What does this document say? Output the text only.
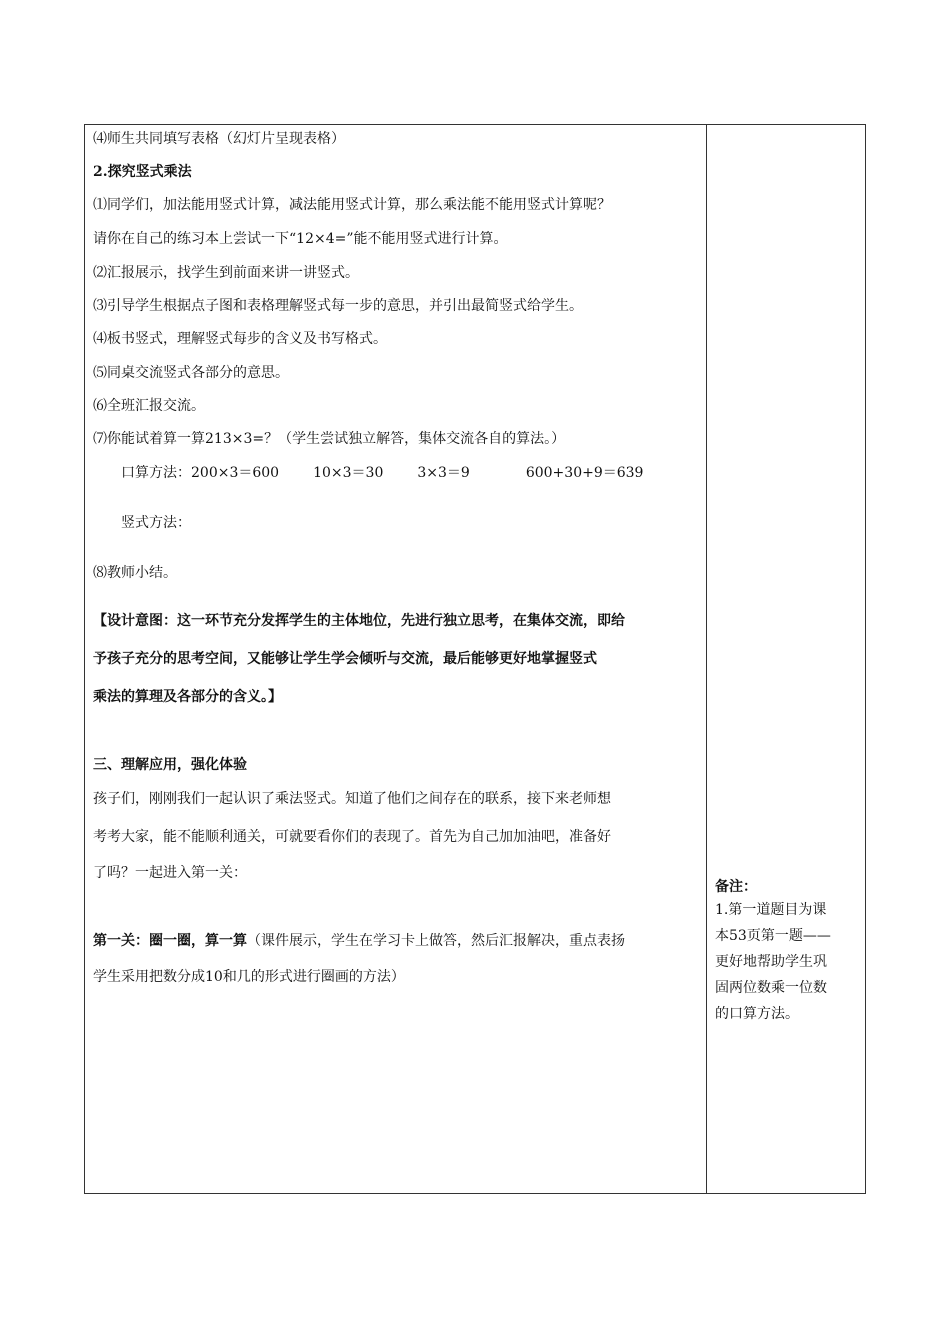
⑷师生共同填写表格（幻灯片呈现表格）
2.探究竖式乘法
⑴同学们，加法能用竖式计算，减法能用竖式计算，那么乘法能不能用竖式计算呢？
请你在自己的练习本上尝试一下“12×4=”能不能用竖式进行计算。
⑵汇报展示，找学生到前面来讲一讲竖式。
⑶引导学生根据点子图和表格理解竖式每一步的意思，并引出最简竖式给学生。
⑷板书竖式，理解竖式每步的含义及书写格式。
⑸同桌交流竖式各部分的意思。
⑹全班汇报交流。
⑺你能试着算一算213×3=？（学生尝试独立解答，集体交流各自的算法。）
口算方法：200×3＝600 10×3＝30 3×3＝9	600+30+9＝639
竖式方法：
⑻教师小结。
【设计意图：这一环节充分发挥学生的主体地位，先进行独立思考，在集体交流，即给
予孩子充分的思考空间，又能够让学生学会倾听与交流，最后能够更好地掌握竖式
乘法的算理及各部分的含义。】
三、理解应用，强化体验
孩子们，刚刚我们一起认识了乘法竖式。知道了他们之间存在的联系，接下来老师想
考考大家，能不能顺利通关，可就要看你们的表现了。首先为自己加加油吧，准备好
了吗？一起进入第一关：
第一关：圈一圈，算一算（课件展示，学生在学习卡上做答，然后汇报解决，重点表扬
学生采用把数分成10和几的形式进行圈画的方法）
备注：
1.第一道题目为课
本53页第一题——
更好地帮助学生巩
固两位数乘一位数
的口算方法。
